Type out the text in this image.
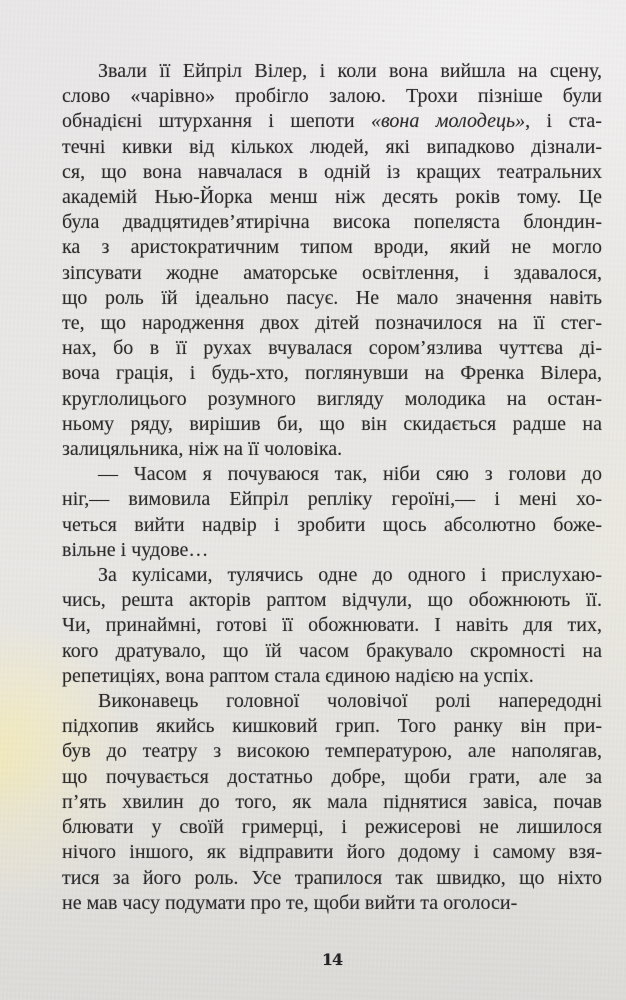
Звали її Ейпріл Вілер, і коли вона вийшла на сцену,
слово «чарівно» пробігло залою. Трохи пізніше були
обнадієні штурхання і шепоти «вона молодець», і ста-
течні кивки від кількох людей, які випадково дізнали-
ся, що вона навчалася в одній із кращих театральних
академій Нью-Йорка менш ніж десять років тому. Це
була двадцятидев’ятирічна висока попеляста блондин-
ка з аристократичним типом вроди, який не могло
зіпсувати жодне аматорське освітлення, і здавалося,
що роль їй ідеально пасує. Не мало значення навіть
те, що народження двох дітей позначилося на її стег-
нах, бо в її рухах вчувалася сором’язлива чуттєва ді-
воча грація, і будь-хто, поглянувши на Френка Вілера,
круглолицього розумного вигляду молодика на остан-
ньому ряду, вирішив би, що він скидається радше на
залицяльника, ніж на її чоловіка.
— Часом я почуваюся так, ніби сяю з голови до
ніг,— вимовила Ейпріл репліку героїні,— і мені хо-
четься вийти надвір і зробити щось абсолютно боже-
вільне і чудове…
За кулісами, тулячись одне до одного і прислухаю-
чись, решта акторів раптом відчули, що обожнюють її.
Чи, принаймні, готові її обожнювати. І навіть для тих,
кого дратувало, що їй часом бракувало скромності на
репетиціях, вона раптом стала єдиною надією на успіх.
Виконавець головної чоловічої ролі напередодні
підхопив якийсь кишковий грип. Того ранку він при-
був до театру з високою температурою, але наполягав,
що почувається достатньо добре, щоби грати, але за
п’ять хвилин до того, як мала піднятися завіса, почав
блювати у своїй гримерці, і режисерові не лишилося
нічого іншого, як відправити його додому і самому взя-
тися за його роль. Усе трапилося так швидко, що ніхто
не мав часу подумати про те, щоби вийти та оголоси-
14
